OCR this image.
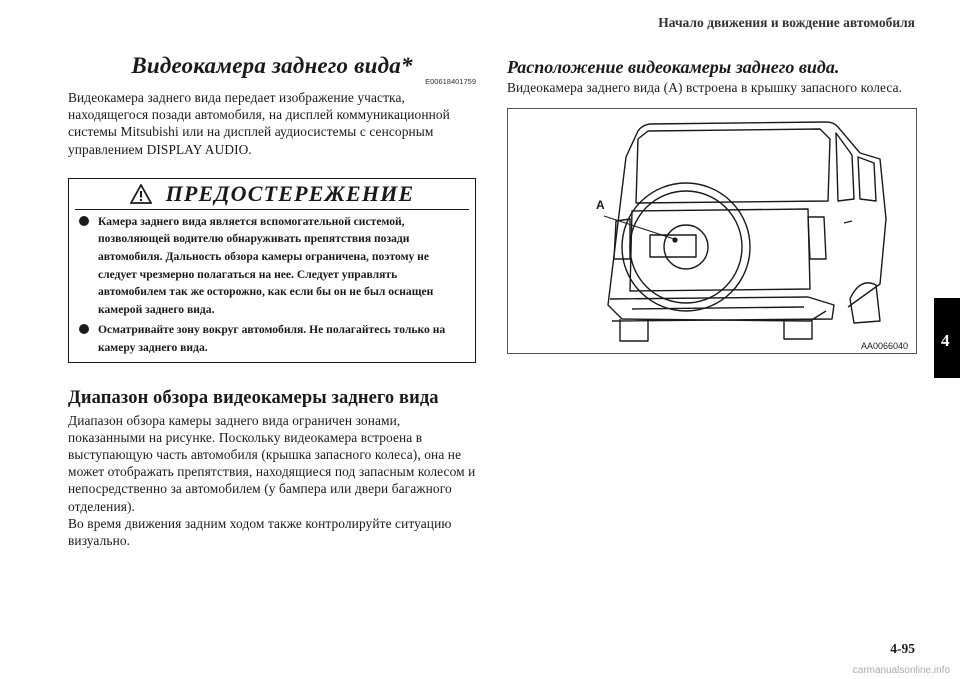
Начало движения и вождение автомобиля
4
Видеокамера заднего вида*
E00618401759

Видеокамера заднего вида передает изображение участка, находящегося позади автомобиля, на дисплей коммуникационной системы Mitsubishi или на дисплей аудиосистемы с сенсорным управлением DISPLAY AUDIO.

ПРЕДОСТЕРЕЖЕНИЕ
Камера заднего вида является вспомогательной системой, позволяющей водителю обнаруживать препятствия позади автомобиля. Дальность обзора камеры ограничена, поэтому не следует чрезмерно полагаться на нее. Следует управлять автомобилем так же осторожно, как если бы он не был оснащен камерой заднего вида.
Осматривайте зону вокруг автомобиля. Не полагайтесь только на камеру заднего вида.
Диапазон обзора видеокамеры заднего вида

Диапазон обзора камеры заднего вида ограничен зонами, показанными на рисунке. Поскольку видеокамера встроена в выступающую часть автомобиля (крышка запасного колеса), она не может отображать препятствия, находящиеся под запасным колесом и непосредственно за автомобилем (у бампера или двери багажного отделения).

Во время движения задним ходом также контролируйте ситуацию визуально.

Расположение видеокамеры заднего вида.

Видеокамера заднего вида (A) встроена в крышку запасного колеса.

A
AA0066040
4-95
carmanualsonline.info
